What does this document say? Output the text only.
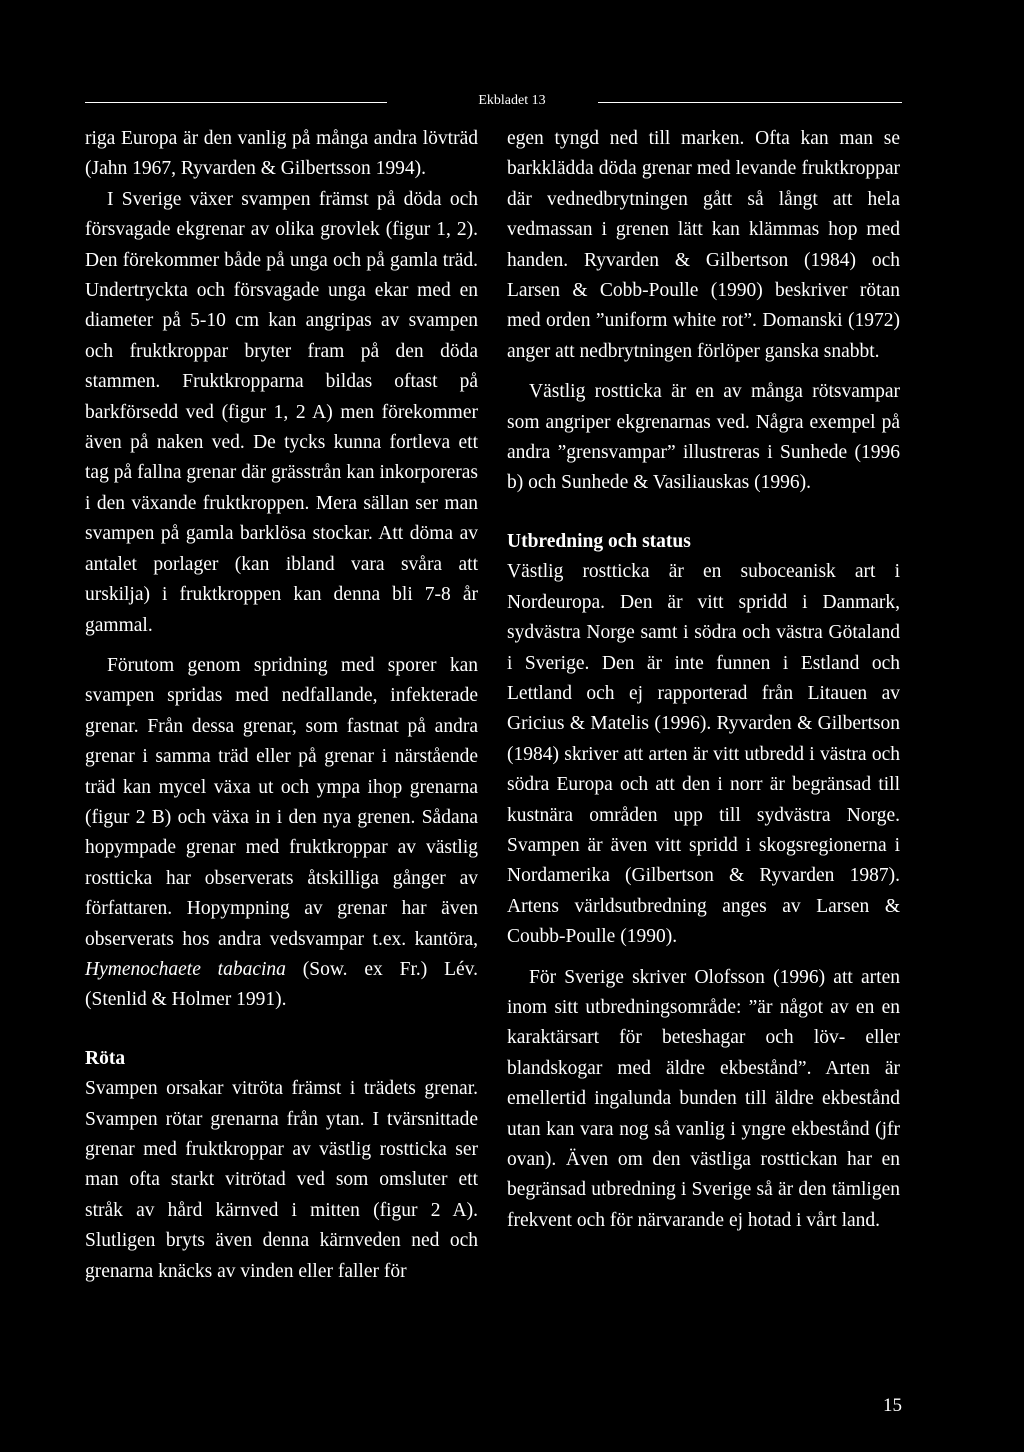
Ekbladet 13

riga Europa är den vanlig på många andra lövträd (Jahn 1967, Ryvarden & Gilbertsson 1994).

I Sverige växer svampen främst på döda och försvagade ekgrenar av olika grovlek (figur 1, 2). Den förekommer både på unga och på gamla träd. Undertryckta och försvagade unga ekar med en diameter på 5-10 cm kan angripas av svampen och fruktkroppar bryter fram på den döda stammen. Fruktkropparna bildas oftast på barkförsedd ved (figur 1, 2 A) men förekommer även på naken ved. De tycks kunna fortleva ett tag på fallna grenar där grässtrån kan inkorporeras i den växande fruktkroppen. Mera sällan ser man svampen på gamla barklösa stockar. Att döma av antalet porlager (kan ibland vara svåra att urskilja) i fruktkroppen kan denna bli 7-8 år gammal.

Förutom genom spridning med sporer kan svampen spridas med nedfallande, infekterade grenar. Från dessa grenar, som fastnat på andra grenar i samma träd eller på grenar i närstående träd kan mycel växa ut och ympa ihop grenarna (figur 2 B) och växa in i den nya grenen. Sådana hopympade grenar med fruktkroppar av västlig rostticka har observerats åtskilliga gånger av författaren. Hopympning av grenar har även observerats hos andra vedsvampar t.ex. kantöra, Hymenochaete tabacina (Sow. ex Fr.) Lév. (Stenlid & Holmer 1991).

Röta

Svampen orsakar vitröta främst i trädets grenar. Svampen rötar grenarna från ytan. I tvärsnittade grenar med fruktkroppar av västlig rostticka ser man ofta starkt vitrötad ved som omsluter ett stråk av hård kärnved i mitten (figur 2 A). Slutligen bryts även denna kärnveden ned och grenarna knäcks av vinden eller faller för

egen tyngd ned till marken. Ofta kan man se barkklädda döda grenar med levande fruktkroppar där vednedbrytningen gått så långt att hela vedmassan i grenen lätt kan klämmas hop med handen. Ryvarden & Gilbertson (1984) och Larsen & Cobb-Poulle (1990) beskriver rötan med orden ”uniform white rot”. Domanski (1972) anger att nedbrytningen förlöper ganska snabbt.

Västlig rostticka är en av många rötsvampar som angriper ekgrenarnas ved. Några exempel på andra ”grensvampar” illustreras i Sunhede (1996 b) och Sunhede & Vasiliauskas (1996).

Utbredning och status

Västlig rostticka är en suboceanisk art i Nordeuropa. Den är vitt spridd i Danmark, sydvästra Norge samt i södra och västra Götaland i Sverige. Den är inte funnen i Estland och Lettland och ej rapporterad från Litauen av Gricius & Matelis (1996). Ryvarden & Gilbertson (1984) skriver att arten är vitt utbredd i västra och södra Europa och att den i norr är begränsad till kustnära områden upp till sydvästra Norge. Svampen är även vitt spridd i skogsregionerna i Nordamerika (Gilbertson & Ryvarden 1987). Artens världsutbredning anges av Larsen & Coubb-Poulle (1990).

För Sverige skriver Olofsson (1996) att arten inom sitt utbredningsområde: ”är något av en en karaktärsart för beteshagar och löv- eller blandskogar med äldre ekbestånd”. Arten är emellertid ingalunda bunden till äldre ekbestånd utan kan vara nog så vanlig i yngre ekbestånd (jfr ovan). Även om den västliga rosttickan har en begränsad utbredning i Sverige så är den tämligen frekvent och för närvarande ej hotad i vårt land.

15
